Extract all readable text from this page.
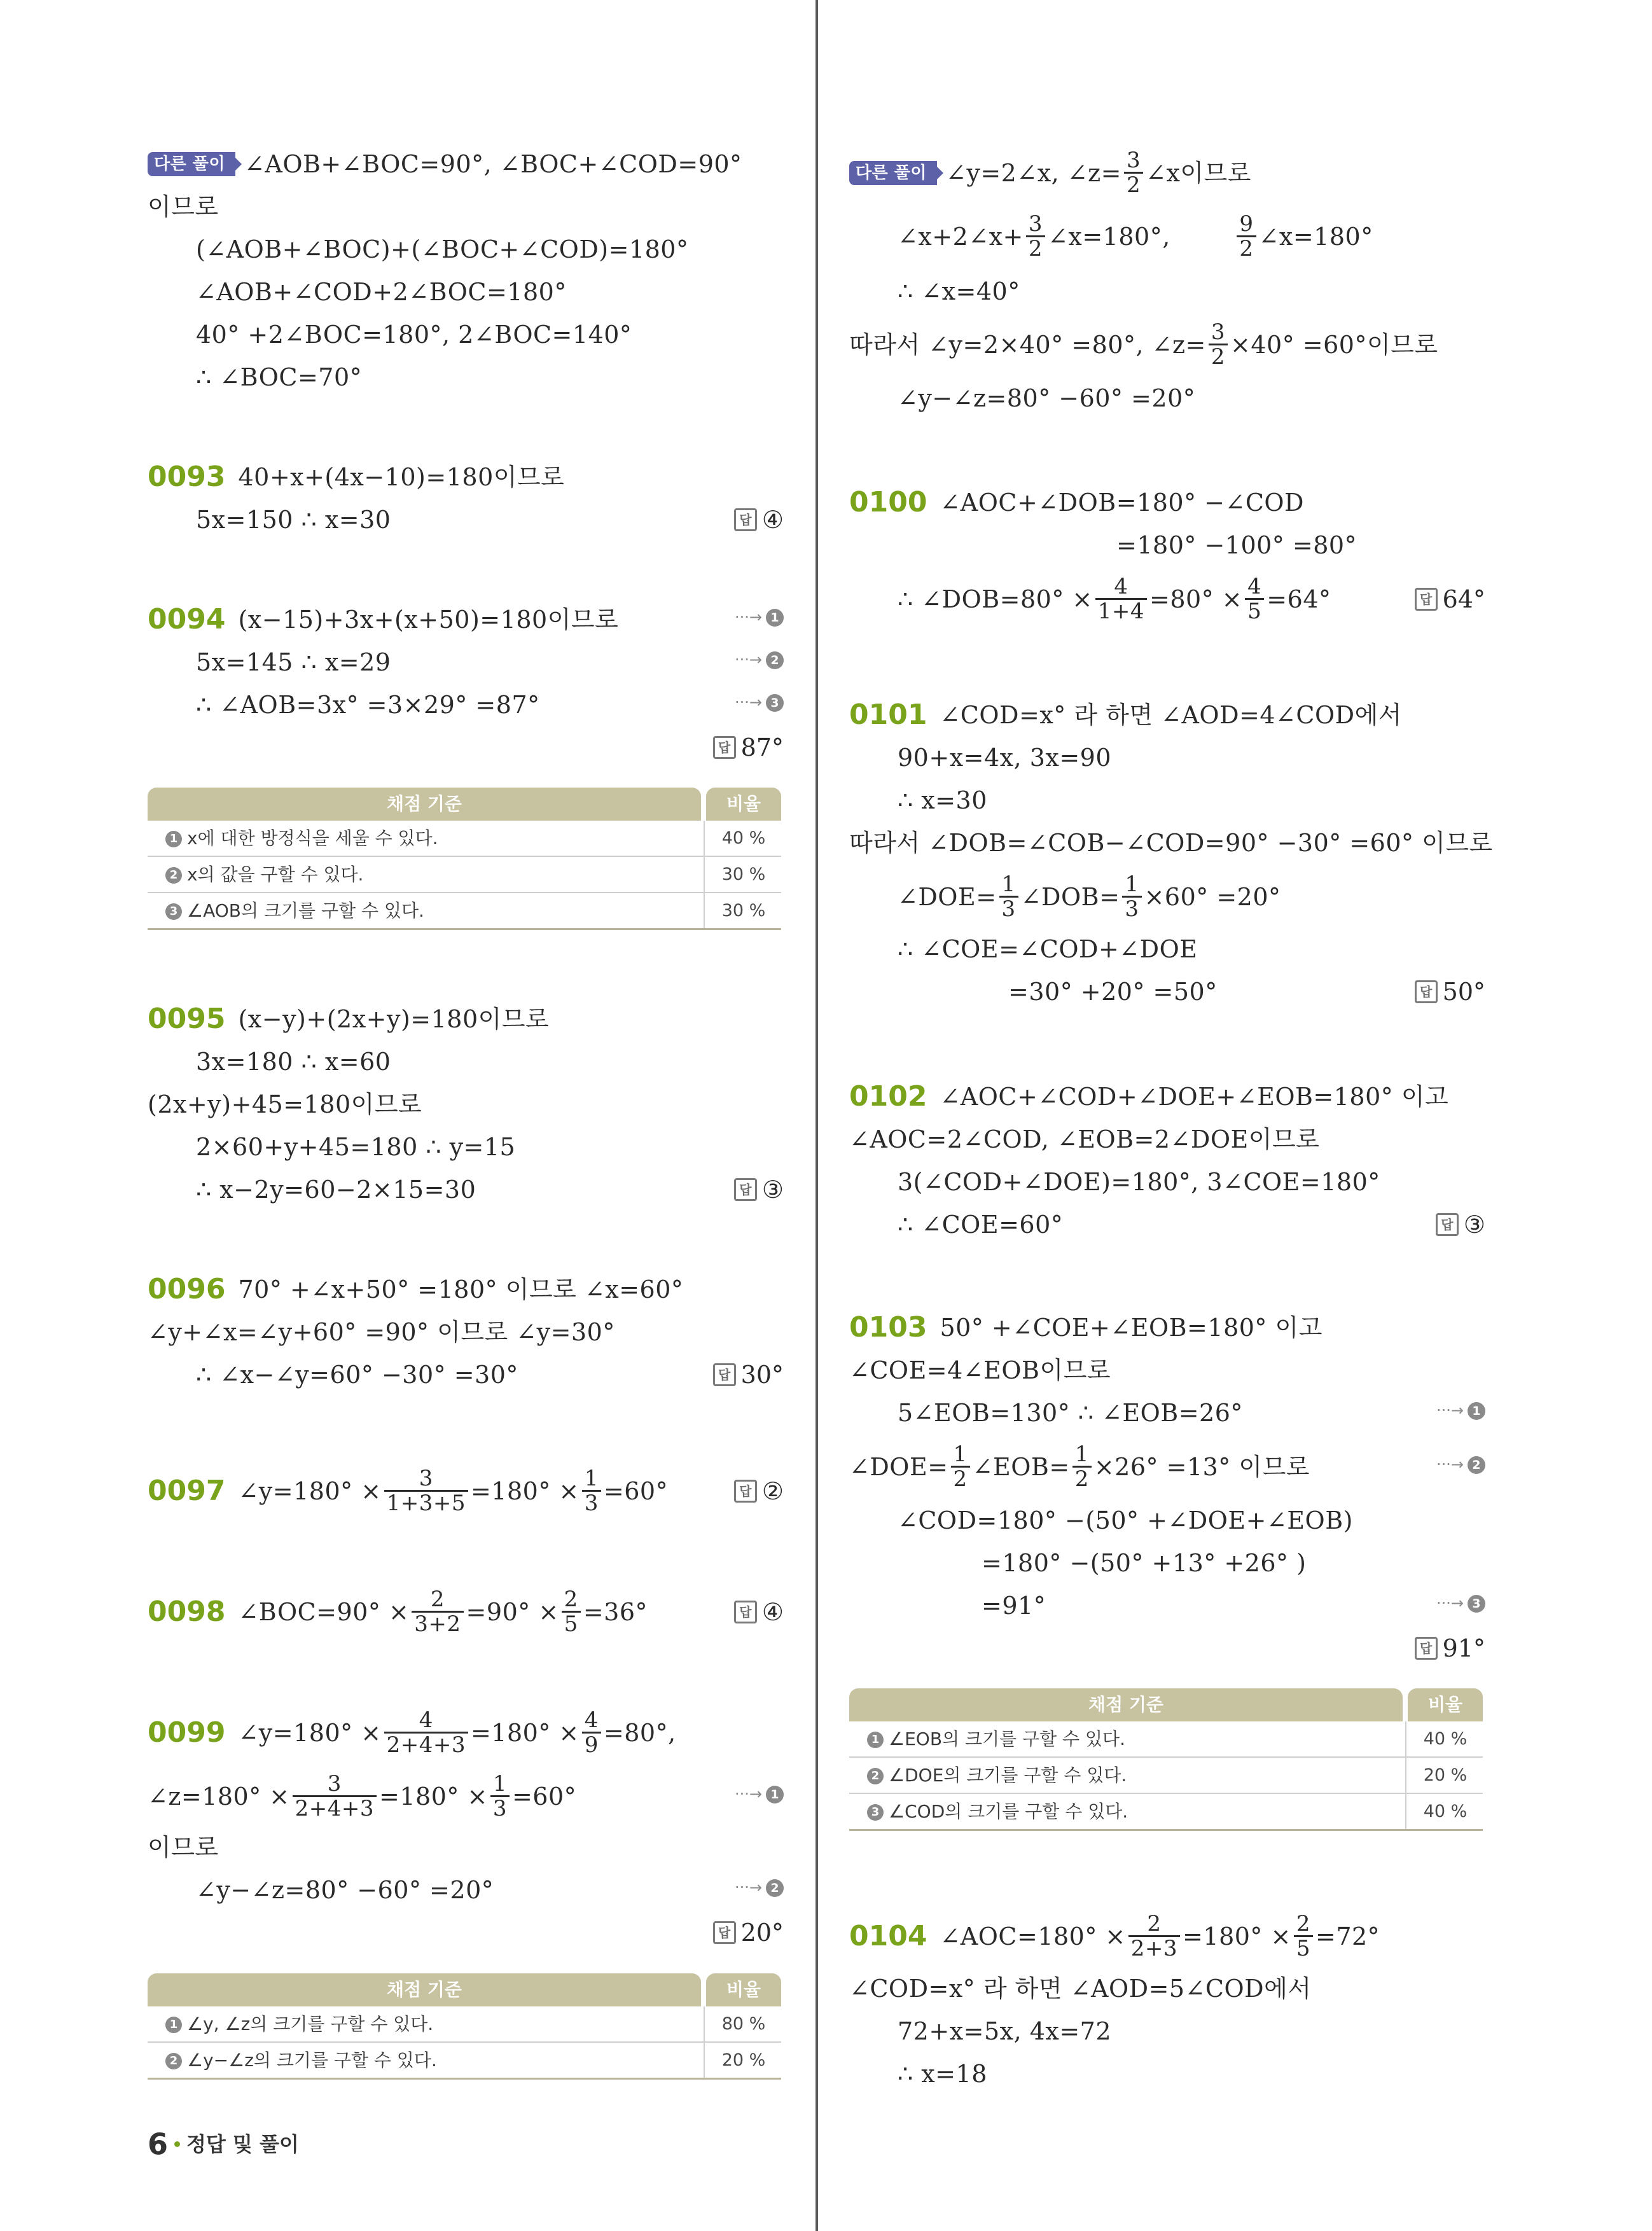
다른 풀이 ∠AOB+∠BOC=90°, ∠BOC+∠COD=90°
이므로
(∠AOB+∠BOC)+(∠BOC+∠COD)=180°
∠AOB+∠COD+2∠BOC=180°
40° +2∠BOC=180°, 2∠BOC=140°
∴ ∠BOC=70°
0093 40+x+(4x−10)=180이므로
5x=150 ∴ x=30	답 ④
0094 (x−15)+3x+(x+50)=180이므로	···→ 1
5x=145 ∴ x=29	···→ 2
∴ ∠AOB=3x° =3×29° =87°	···→ 3
답 87°
채점 기준	비율
1 x에 대한 방정식을 세울 수 있다.	40 %
2 x의 값을 구할 수 있다.	30 %
3 ∠AOB의 크기를 구할 수 있다.	30 %
0095 (x−y)+(2x+y)=180이므로
3x=180 ∴ x=60
(2x+y)+45=180이므로
2×60+y+45=180 ∴ y=15
∴ x−2y=60−2×15=30	답 ③
0096 70° +∠x+50° =180° 이므로 ∠x=60°
∠y+∠x=∠y+60° =90° 이므로 ∠y=30°
∴ ∠x−∠y=60° −30° =30°	답 30°
0097 ∠y=180° × $\frac{3}{1+3+5} =180^\circ \times \frac{1}{3} =60^\circ$	답 ②
0098 ∠BOC=90° × $\frac{2}{3+2} =90^\circ \times \frac{2}{5} =36^\circ$	답 ④
0099 ∠y=180° × $\frac{4}{2+4+3} =180^\circ \times \frac{4}{9} =80^\circ$,
∠z=180° × $\frac{3}{2+4+3} =180^\circ \times \frac{1}{3} =60^\circ$	···→ 1
이므로
∠y−∠z=80° −60° =20°	···→ 2
답 20°
채점 기준	비율
1 ∠y, ∠z의 크기를 구할 수 있다.	80 %
2 ∠y−∠z의 크기를 구할 수 있다.	20 %
다른 풀이 ∠y=2∠x, ∠z= $\frac{3}{2}$ ∠x이므로
∠x+2∠x+ $\frac{3}{2}$ ∠x=180°, $\frac{9}{2}$ ∠x=180°
∴ ∠x=40°
따라서 ∠y=2×40° =80°, ∠z= $\frac{3}{2} \times 40^\circ =60^\circ$이므로
∠y−∠z=80° −60° =20°
0100 ∠AOC+∠DOB=180° −∠COD
=180° −100° =80°
∴ ∠DOB=80° × $\frac{4}{1+4} =80^\circ \times \frac{4}{5} =64^\circ$	답 64°
0101 ∠COD=x° 라 하면 ∠AOD=4∠COD에서
90+x=4x, 3x=90
∴ x=30
따라서 ∠DOB=∠COB−∠COD=90° −30° =60° 이므로
∠DOE= $\frac{1}{3}$ ∠DOB= $\frac{1}{3} \times 60^\circ =20^\circ$
∴ ∠COE=∠COD+∠DOE
=30° +20° =50°	답 50°
0102 ∠AOC+∠COD+∠DOE+∠EOB=180° 이고
∠AOC=2∠COD, ∠EOB=2∠DOE이므로
3(∠COD+∠DOE)=180°, 3∠COE=180°
∴ ∠COE=60°	답 ③
0103 50° +∠COE+∠EOB=180° 이고
∠COE=4∠EOB이므로
5∠EOB=130° ∴ ∠EOB=26°	···→ 1
∠DOE= $\frac{1}{2}$ ∠EOB= $\frac{1}{2} \times 26^\circ =13^\circ$ 이므로	···→ 2
∠COD=180° −(50° +∠DOE+∠EOB)
=180° −(50° +13° +26° )
=91°	···→ 3
답 91°
채점 기준	비율
1 ∠EOB의 크기를 구할 수 있다.	40 %
2 ∠DOE의 크기를 구할 수 있다.	20 %
3 ∠COD의 크기를 구할 수 있다.	40 %
0104 ∠AOC=180° × $\frac{2}{2+3} =180^\circ \times \frac{2}{5} =72^\circ$
∠COD=x° 라 하면 ∠AOD=5∠COD에서
72+x=5x, 4x=72
∴ x=18
6 정답 및 풀이
